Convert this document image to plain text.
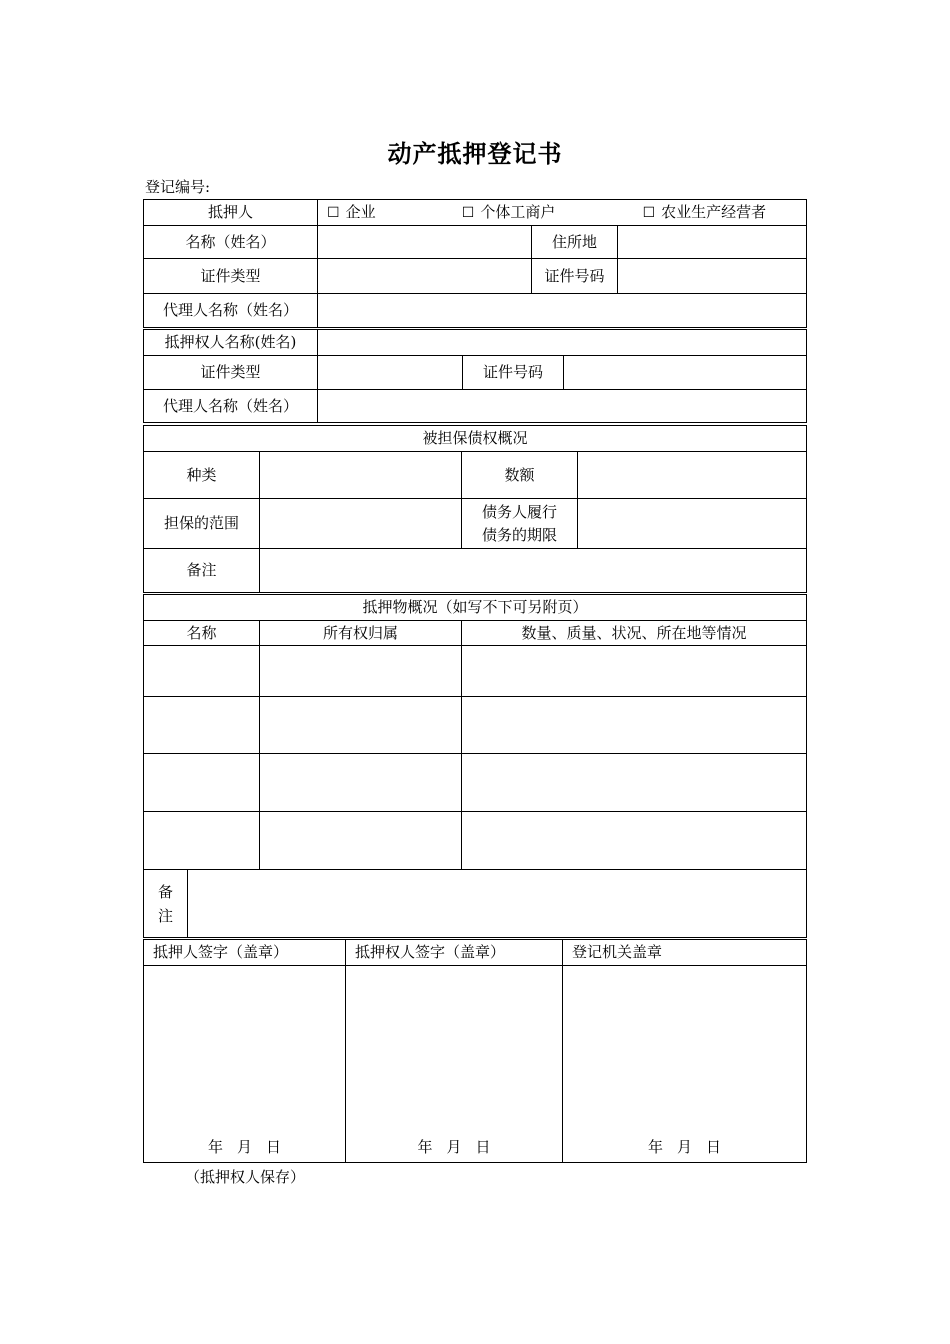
动产抵押登记书
登记编号:
抵押人	☐ 企业 ☐ 个体工商户 ☐ 农业生产经营者		
名称（姓名）		住所地	
证件类型		证件号码	
代理人名称（姓名）			
抵押权人名称(姓名)			
证件类型		证件号码	
代理人名称（姓名）			
被担保债权概况			
种类		数额	
担保的范围		债务人履行
债务的期限	

备注			
抵押物概况（如写不下可另附页）			
名称		所有权归属	数量、质量、状况、所在地等情况

备
注			

抵押人签字（盖章）	抵押权人签字（盖章）	登记机关盖章

年 月 日	年 月 日	年 月 日
（抵押权人保存）
